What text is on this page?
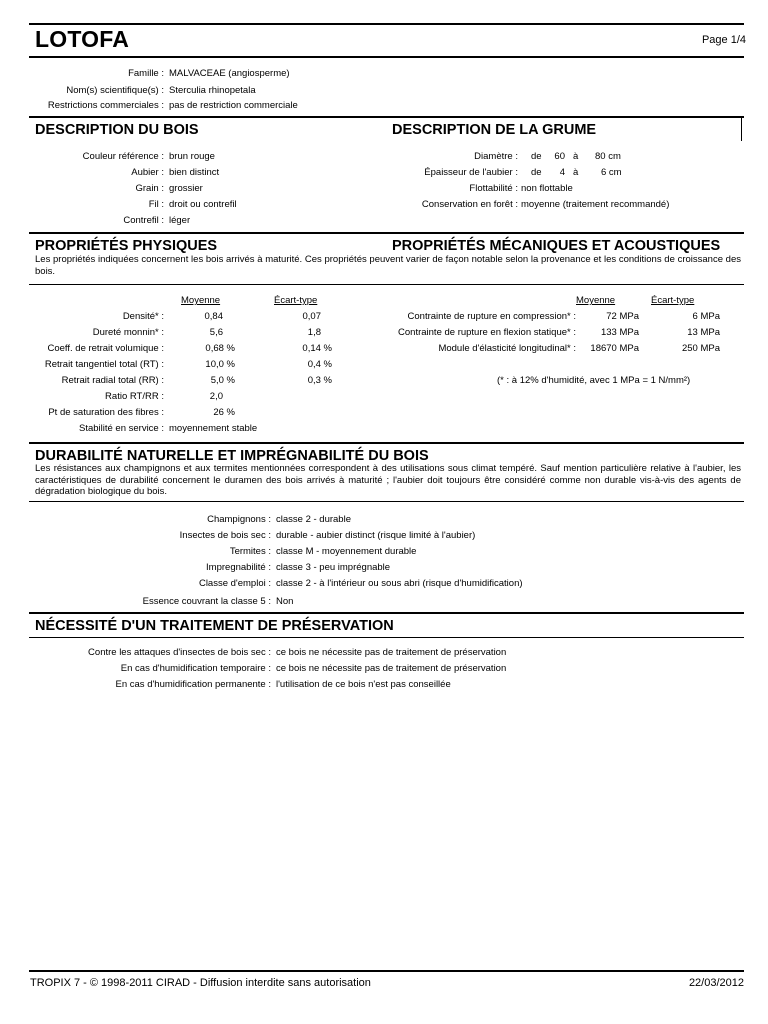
LOTOFA	Page 1/4
Famille : MALVACEAE (angiosperme)
Nom(s) scientifique(s) : Sterculia rhinopetala
Restrictions commerciales : pas de restriction commerciale
DESCRIPTION DU BOIS	DESCRIPTION DE LA GRUME
Couleur référence : brun rouge
Aubier : bien distinct
Grain : grossier
Fil : droit ou contrefil
Contrefil : léger
Diamètre : de 60 à 80 cm
Épaisseur de l'aubier : de 4 à 6 cm
Flottabilité : non flottable
Conservation en forêt : moyenne (traitement recommandé)
PROPRIÉTÉS PHYSIQUES	PROPRIÉTÉS MÉCANIQUES ET ACOUSTIQUES
Les propriétés indiquées concernent les bois arrivés à maturité. Ces propriétés peuvent varier de façon notable selon la provenance et les conditions de croissance des bois.
Moyenne	Écart-type	Moyenne	Écart-type
Densité* :	0,84	0,07
Dureté monnin* :	5,6	1,8
Coeff. de retrait volumique :	0,68 %	0,14 %
Retrait tangentiel total (RT) :	10,0 %	0,4 %
Retrait radial total (RR) :	5,0 %	0,3 %
Ratio RT/RR :	2,0
Pt de saturation des fibres :	26 %
Stabilité en service : moyennement stable
Contrainte de rupture en compression* :	72 MPa	6 MPa
Contrainte de rupture en flexion statique* :	133 MPa	13 MPa
Module d'élasticité longitudinal* : 18670 MPa	250 MPa
(* : à 12% d'humidité, avec 1 MPa = 1 N/mm²)
DURABILITÉ NATURELLE ET IMPRÉGNABILITÉ DU BOIS
Les résistances aux champignons et aux termites mentionnées correspondent à des utilisations sous climat tempéré. Sauf mention particulière relative à l'aubier, les caractéristiques de durabilité concernent le duramen des bois arrivés à maturité ; l'aubier doit toujours être considéré comme non durable vis-à-vis des agents de dégradation biologique du bois.
Champignons : classe 2 - durable
Insectes de bois sec : durable - aubier distinct (risque limité à l'aubier)
Termites : classe M - moyennement durable
Impregnabilité : classe 3 - peu imprégnable
Classe d'emploi : classe 2 - à l'intérieur ou sous abri (risque d'humidification)
Essence couvrant la classe 5 : Non
NÉCESSITÉ D'UN TRAITEMENT DE PRÉSERVATION
Contre les attaques d'insectes de bois sec : ce bois ne nécessite pas de traitement de préservation
En cas d'humidification temporaire : ce bois ne nécessite pas de traitement de préservation
En cas d'humidification permanente : l'utilisation de ce bois n'est pas conseillée
TROPIX 7 - © 1998-2011 CIRAD - Diffusion interdite sans autorisation	22/03/2012
